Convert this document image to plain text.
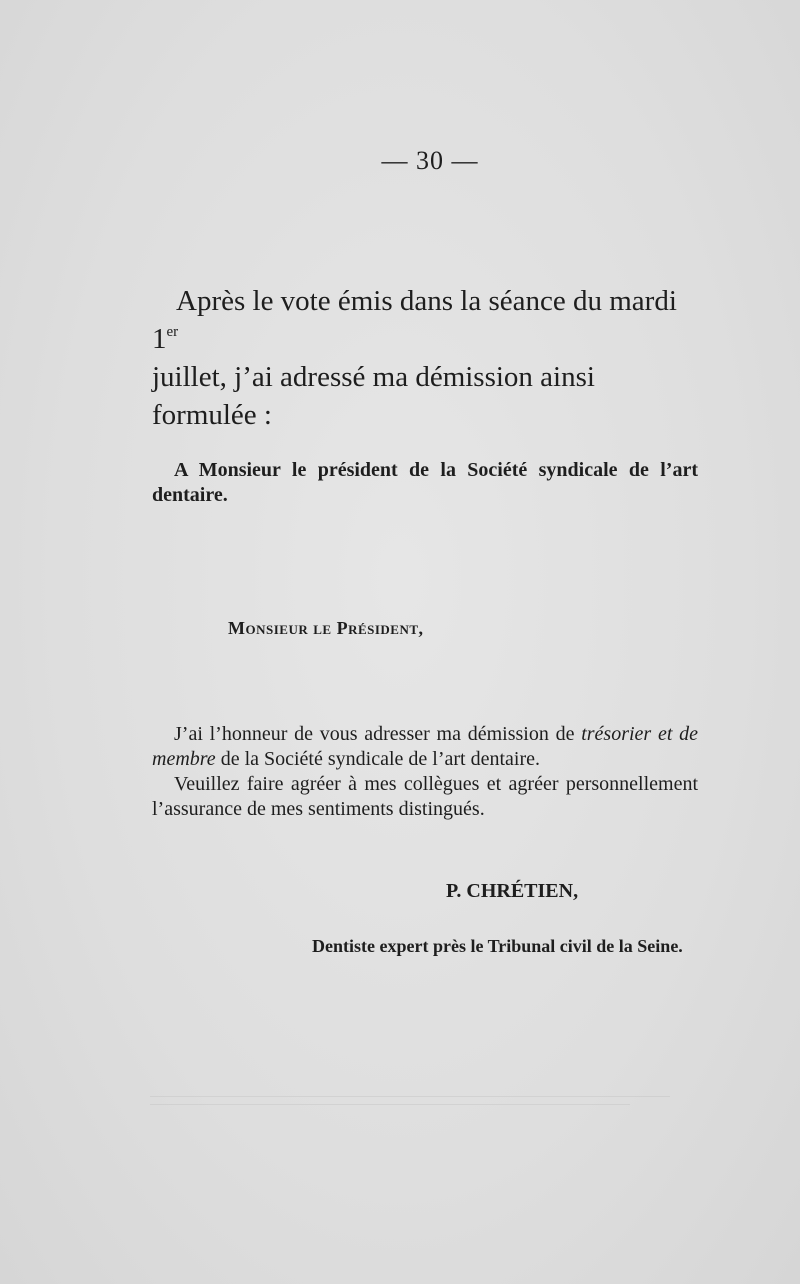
— 30 —

Après le vote émis dans la séance du mardi 1er

juillet, j’ai adressé ma démission ainsi formulée :

A Monsieur le président de la Société syndicale de l’art dentaire.

Monsieur le Président,

J’ai l’honneur de vous adresser ma démission de trésorier et de membre de la Société syndicale de l’art dentaire.

Veuillez faire agréer à mes collègues et agréer personnellement l’assurance de mes sentiments distingués.

P. CHRÉTIEN,
Dentiste expert près le Tribunal civil de la Seine.
